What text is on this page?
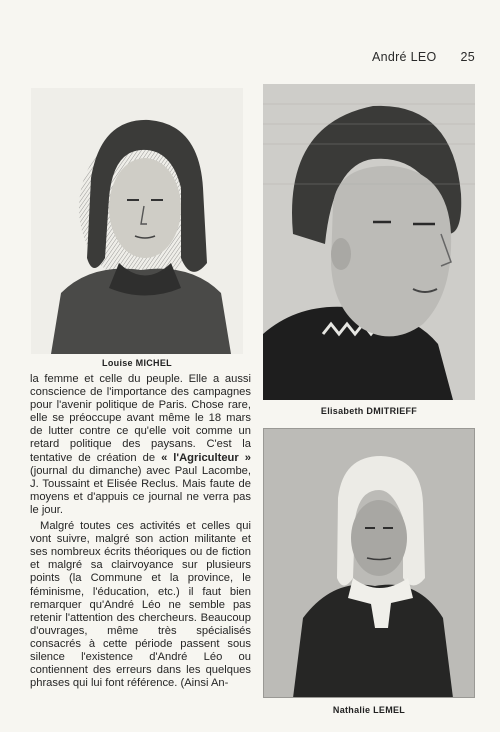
André LEO 25
Louise MICHEL
Elisabeth DMITRIEFF
Nathalie LEMEL

la femme et celle du peuple. Elle a aussi conscience de l'importance des campagnes pour l'avenir politique de Paris. Chose rare, elle se préoccupe avant même le 18 mars de lutter contre ce qu'elle voit comme un retard politique des paysans. C'est la tentative de création de « l'Agriculteur » (journal du dimanche) avec Paul Lacombe, J. Toussaint et Elisée Reclus. Mais faute de moyens et d'appuis ce journal ne verra pas le jour.

Malgré toutes ces activités et celles qui vont suivre, malgré son action militante et ses nombreux écrits théoriques ou de fiction et malgré sa clairvoyance sur plusieurs points (la Commune et la province, le féminisme, l'éducation, etc.) il faut bien remarquer qu'André Léo ne semble pas retenir l'attention des chercheurs. Beaucoup d'ouvrages, même très spécialisés consacrés à cette période passent sous silence l'existence d'André Léo ou contiennent des erreurs dans les quelques phrases qui lui font référence. (Ainsi An-
